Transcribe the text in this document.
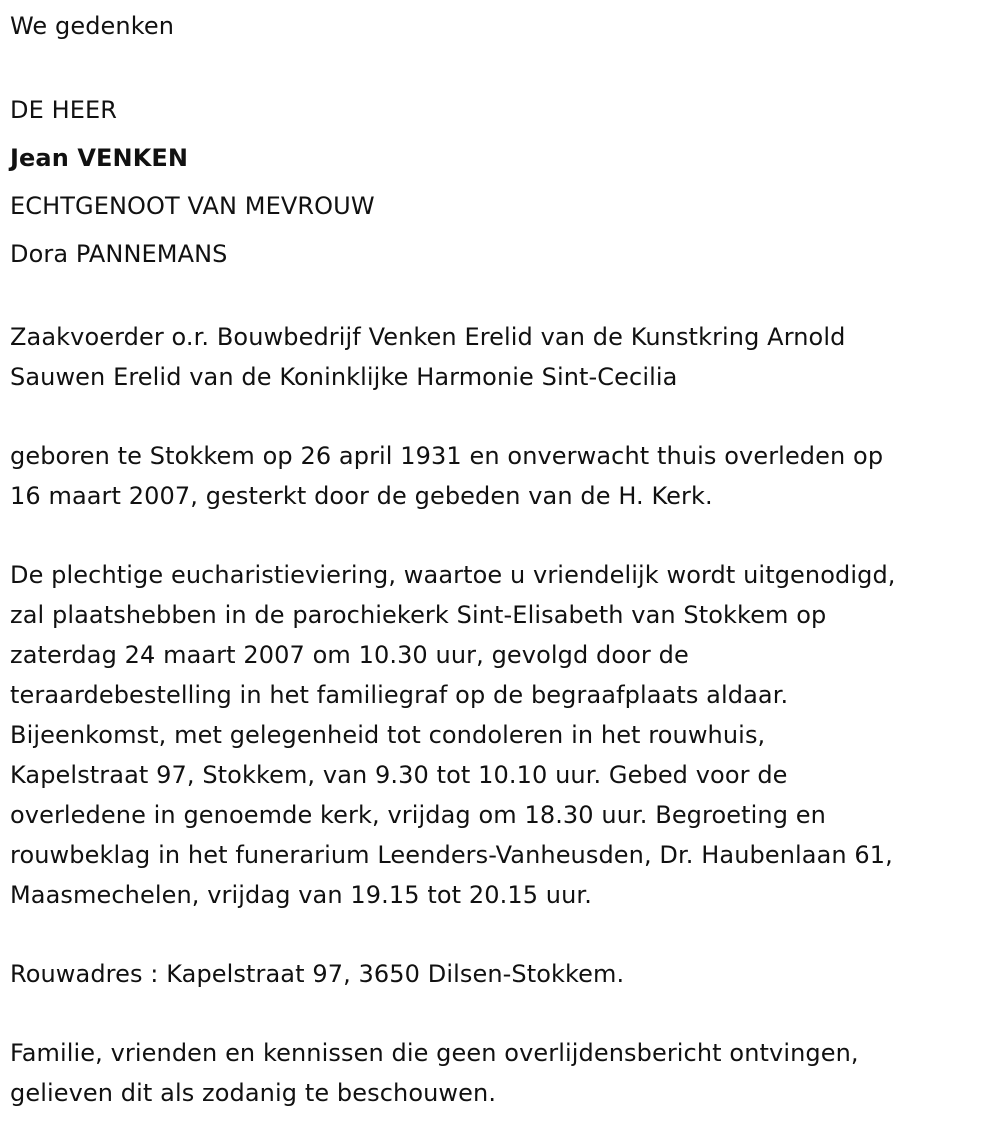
We gedenken
DE HEER
Jean VENKEN
ECHTGENOOT VAN MEVROUW
Dora PANNEMANS
Zaakvoerder o.r. Bouwbedrijf Venken Erelid van de Kunstkring Arnold
Sauwen Erelid van de Koninklijke Harmonie Sint-Cecilia
geboren te Stokkem op 26 april 1931 en onverwacht thuis overleden op
16 maart 2007, gesterkt door de gebeden van de H. Kerk.
De plechtige eucharistieviering, waartoe u vriendelijk wordt uitgenodigd,
zal plaatshebben in de parochiekerk Sint-Elisabeth van Stokkem op
zaterdag 24 maart 2007 om 10.30 uur, gevolgd door de
teraardebestelling in het familiegraf op de begraafplaats aldaar.
Bijeenkomst, met gelegenheid tot condoleren in het rouwhuis,
Kapelstraat 97, Stokkem, van 9.30 tot 10.10 uur. Gebed voor de
overledene in genoemde kerk, vrijdag om 18.30 uur. Begroeting en
rouwbeklag in het funerarium Leenders-Vanheusden, Dr. Haubenlaan 61,
Maasmechelen, vrijdag van 19.15 tot 20.15 uur.
Rouwadres : Kapelstraat 97, 3650 Dilsen-Stokkem.
Familie, vrienden en kennissen die geen overlijdensbericht ontvingen,
gelieven dit als zodanig te beschouwen.
